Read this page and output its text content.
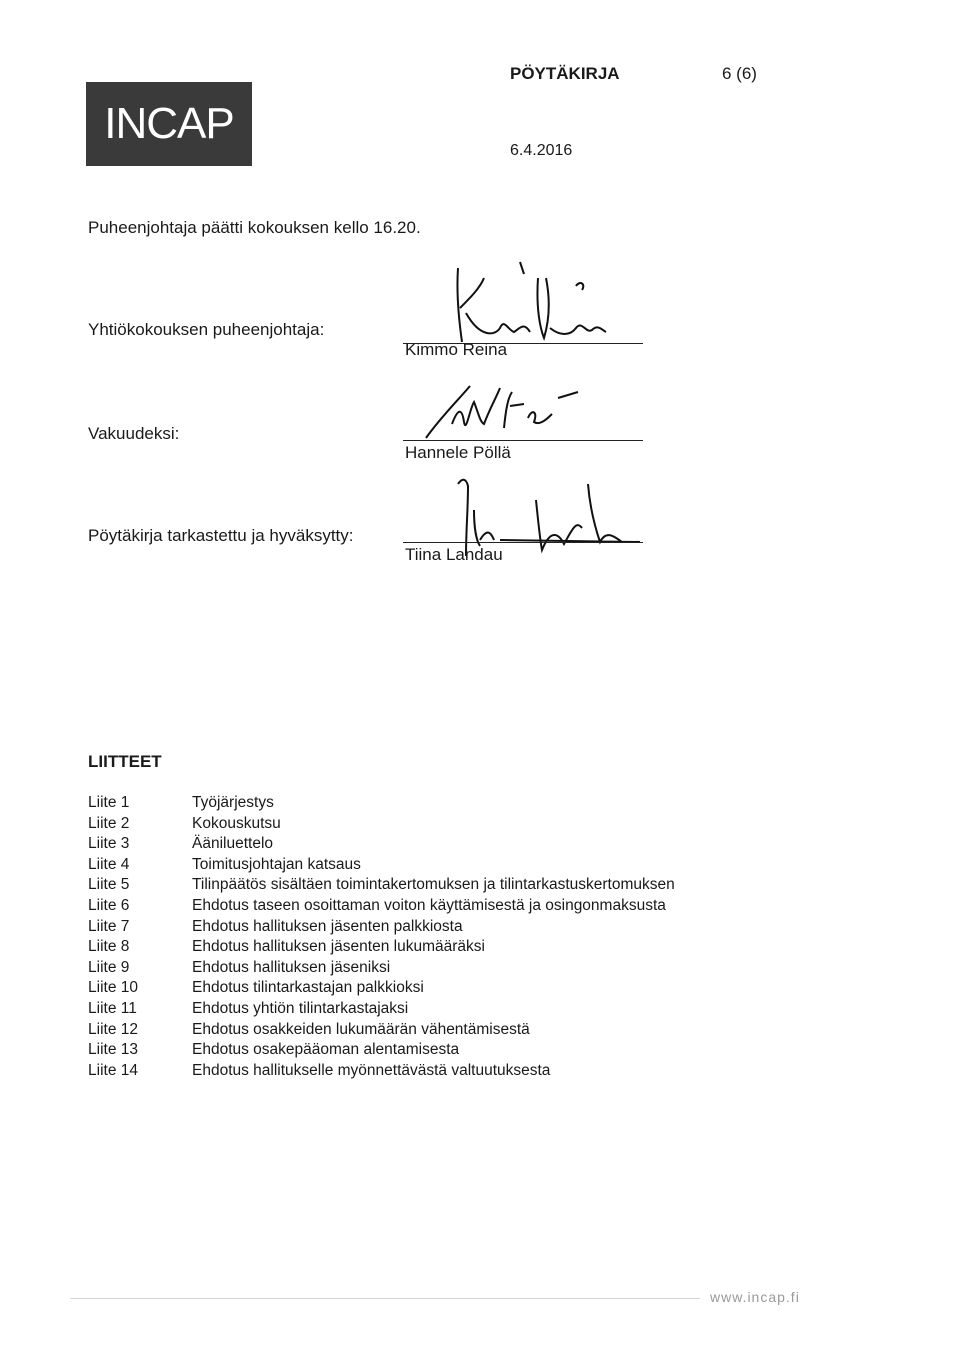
INCAP
PÖYTÄKIRJA	6 (6)
6.4.2016
Puheenjohtaja päätti kokouksen kello 16.20.
Yhtiökokouksen puheenjohtaja:
Kimmo Reina
Vakuudeksi:
Hannele Pöllä
Pöytäkirja tarkastettu ja hyväksytty:
Tiina Landau
LIITTEET
Liite 1	Työjärjestys
Liite 2	Kokouskutsu
Liite 3	Ääniluettelo
Liite 4	Toimitusjohtajan katsaus
Liite 5	Tilinpäätös sisältäen toimintakertomuksen ja tilintarkastuskertomuksen
Liite 6	Ehdotus taseen osoittaman voiton käyttämisestä ja osingonmaksusta
Liite 7	Ehdotus hallituksen jäsenten palkkiosta
Liite 8	Ehdotus hallituksen jäsenten lukumääräksi
Liite 9	Ehdotus hallituksen jäseniksi
Liite 10	Ehdotus tilintarkastajan palkkioksi
Liite 11	Ehdotus yhtiön tilintarkastajaksi
Liite 12	Ehdotus osakkeiden lukumäärän vähentämisestä
Liite 13	Ehdotus osakepääoman alentamisesta
Liite 14	Ehdotus hallitukselle myönnettävästä valtuutuksesta
www.incap.fi
